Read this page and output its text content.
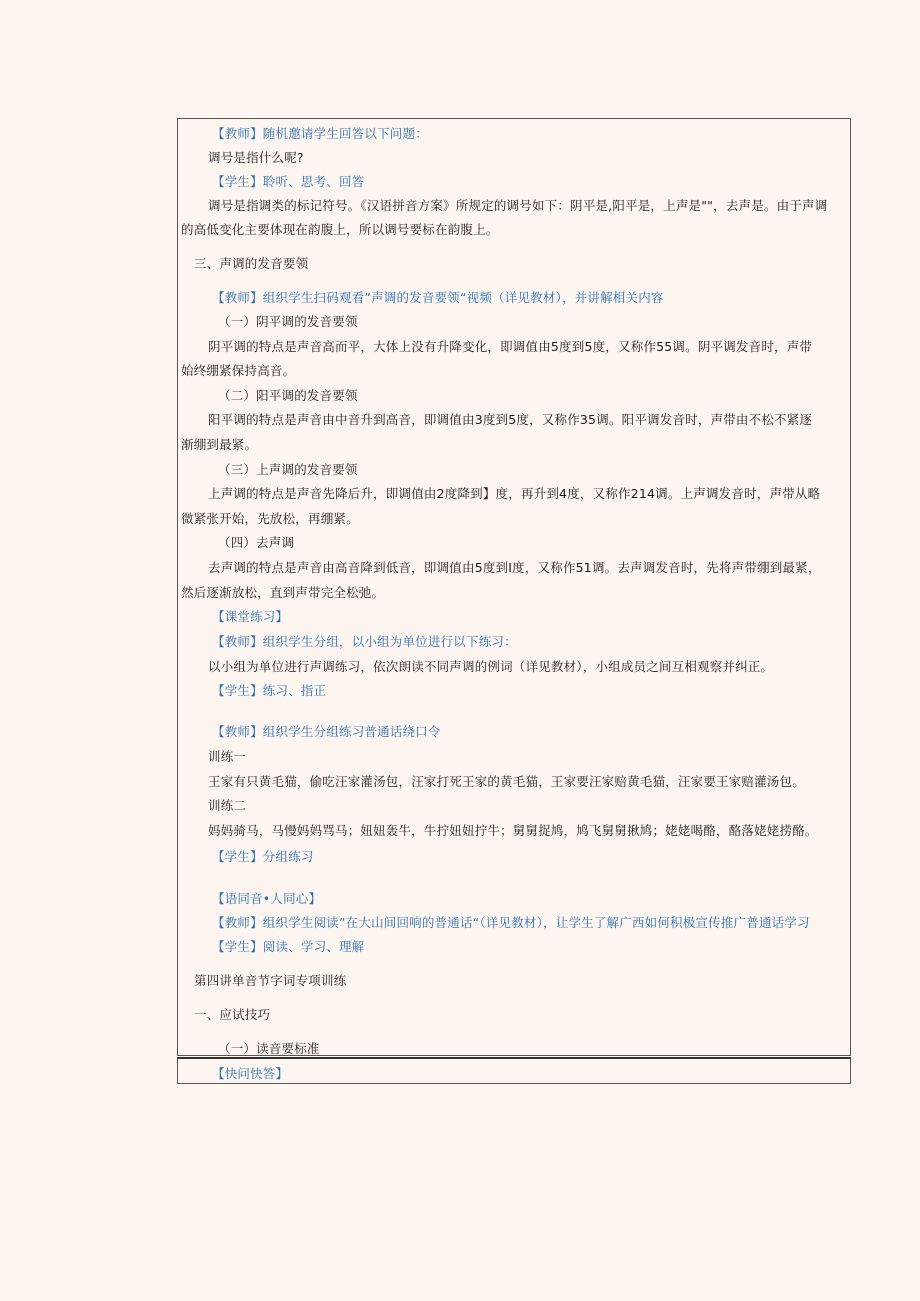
【教师】随机邀请学生回答以下问题：
调号是指什么呢?
【学生】聆听、思考、回答
调号是指调类的标记符号。《汉语拼音方案》所规定的调号如下：阴平是,阳平是，上声是""，去声是。由于声调
的高低变化主要体现在韵腹上，所以调号要标在韵腹上。
三、声调的发音要领
【教师】组织学生扫码观看”声调的发音要领“视频（详见教材），并讲解相关内容
（一）阴平调的发音要领
阴平调的特点是声音高而平，大体上没有升降变化，即调值由5度到5度，又称作55调。阴平调发音时，声带
始终绷紧保持高音。
（二）阳平调的发音要领
阳平调的特点是声音由中音升到高音，即调值由3度到5度，又称作35调。阳平调发音时，声带由不松不紧逐
渐绷到最紧。
（三）上声调的发音要领
上声调的特点是声音先降后升，即调值由2度降到】度，再升到4度，又称作214调。上声调发音时，声带从略
微紧张开始，先放松，再绷紧。
（四）去声调
去声调的特点是声音由高音降到低音，即调值由5度到I度，又称作51调。去声调发音时，先将声带绷到最紧，
然后逐渐放松，直到声带完全松弛。
【课堂练习】
【教师】组织学生分组，以小组为单位进行以下练习：
以小组为单位进行声调练习，依次朗读不同声调的例词（详见教材），小组成员之间互相观察并纠正。
【学生】练习、指正
【教师】组织学生分组练习普通话绕口令
训练一
王家有只黄毛猫，偷吃汪家灌汤包，汪家打死王家的黄毛猫，王家要汪家赔黄毛猫，汪家要王家赔灌汤包。
训练二
妈妈骑马，马慢妈妈骂马；妞妞轰牛，牛拧妞妞拧牛；舅舅捉鸠，鸠飞舅舅揪鸠；姥姥喝酪，酪落姥姥捞酪。
【学生】分组练习
【语同音•人同心】
【教师】组织学生阅读”在大山间回响的普通话“（详见教材），让学生了解广西如何积极宣传推广普通话学习
【学生】阅读、学习、理解
第四讲单音节字词专项训练
一、应试技巧
（一）读音要标准
【快问快答】
